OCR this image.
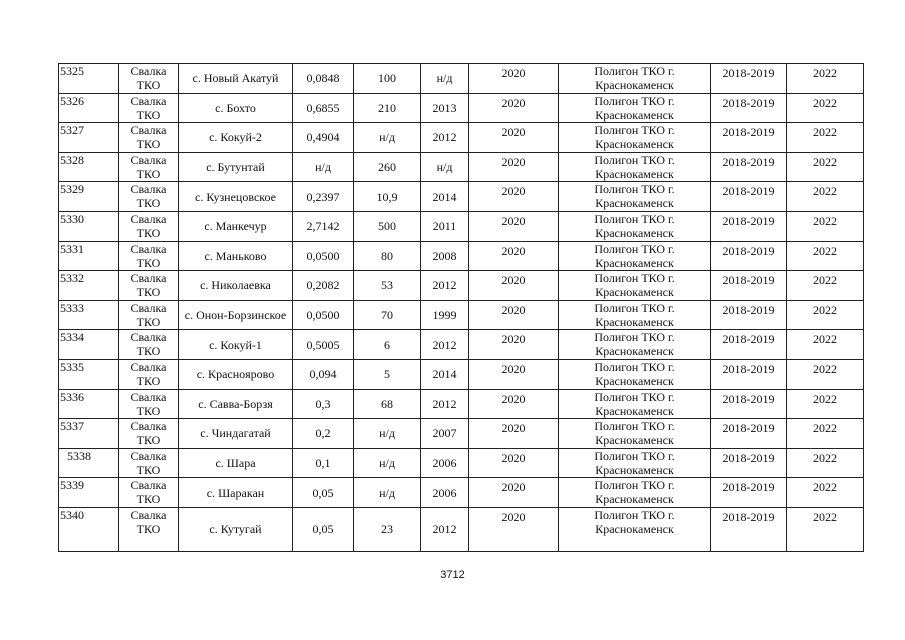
5325	Свалка ТКО	с. Новый Акатуй	0,0848	100	н/д	2020	Полигон ТКО г. Краснокаменск	2018-2019	2022
5326	Свалка ТКО	с. Бохто	0,6855	210	2013	2020	Полигон ТКО г. Краснокаменск	2018-2019	2022
5327	Свалка ТКО	с. Кокуй-2	0,4904	н/д	2012	2020	Полигон ТКО г. Краснокаменск	2018-2019	2022
5328	Свалка ТКО	с. Бутунтай	н/д	260	н/д	2020	Полигон ТКО г. Краснокаменск	2018-2019	2022
5329	Свалка ТКО	с. Кузнецовское	0,2397	10,9	2014	2020	Полигон ТКО г. Краснокаменск	2018-2019	2022
5330	Свалка ТКО	с. Манкечур	2,7142	500	2011	2020	Полигон ТКО г. Краснокаменск	2018-2019	2022
5331	Свалка ТКО	с. Маньково	0,0500	80	2008	2020	Полигон ТКО г. Краснокаменск	2018-2019	2022
5332	Свалка ТКО	с. Николаевка	0,2082	53	2012	2020	Полигон ТКО г. Краснокаменск	2018-2019	2022
5333	Свалка ТКО	с. Онон-Борзинское	0,0500	70	1999	2020	Полигон ТКО г. Краснокаменск	2018-2019	2022
5334	Свалка ТКО	с. Кокуй-1	0,5005	6	2012	2020	Полигон ТКО г. Краснокаменск	2018-2019	2022
5335	Свалка ТКО	с. Краснoярово	0,094	5	2014	2020	Полигон ТКО г. Краснокаменск	2018-2019	2022
5336	Свалка ТКО	с. Савва-Борзя	0,3	68	2012	2020	Полигон ТКО г. Краснокаменск	2018-2019	2022
5337	Свалка ТКО	с. Чиндагатай	0,2	н/д	2007	2020	Полигон ТКО г. Краснокаменск	2018-2019	2022
5338	Свалка ТКО	с. Шара	0,1	н/д	2006	2020	Полигон ТКО г. Краснокаменск	2018-2019	2022
5339	Свалка ТКО	с. Шаракан	0,05	н/д	2006	2020	Полигон ТКО г. Краснокаменск	2018-2019	2022
5340	Свалка ТКО	с. Кутугай	0,05	23	2012	2020	Полигон ТКО г. Краснокаменск	2018-2019	2022
3712
